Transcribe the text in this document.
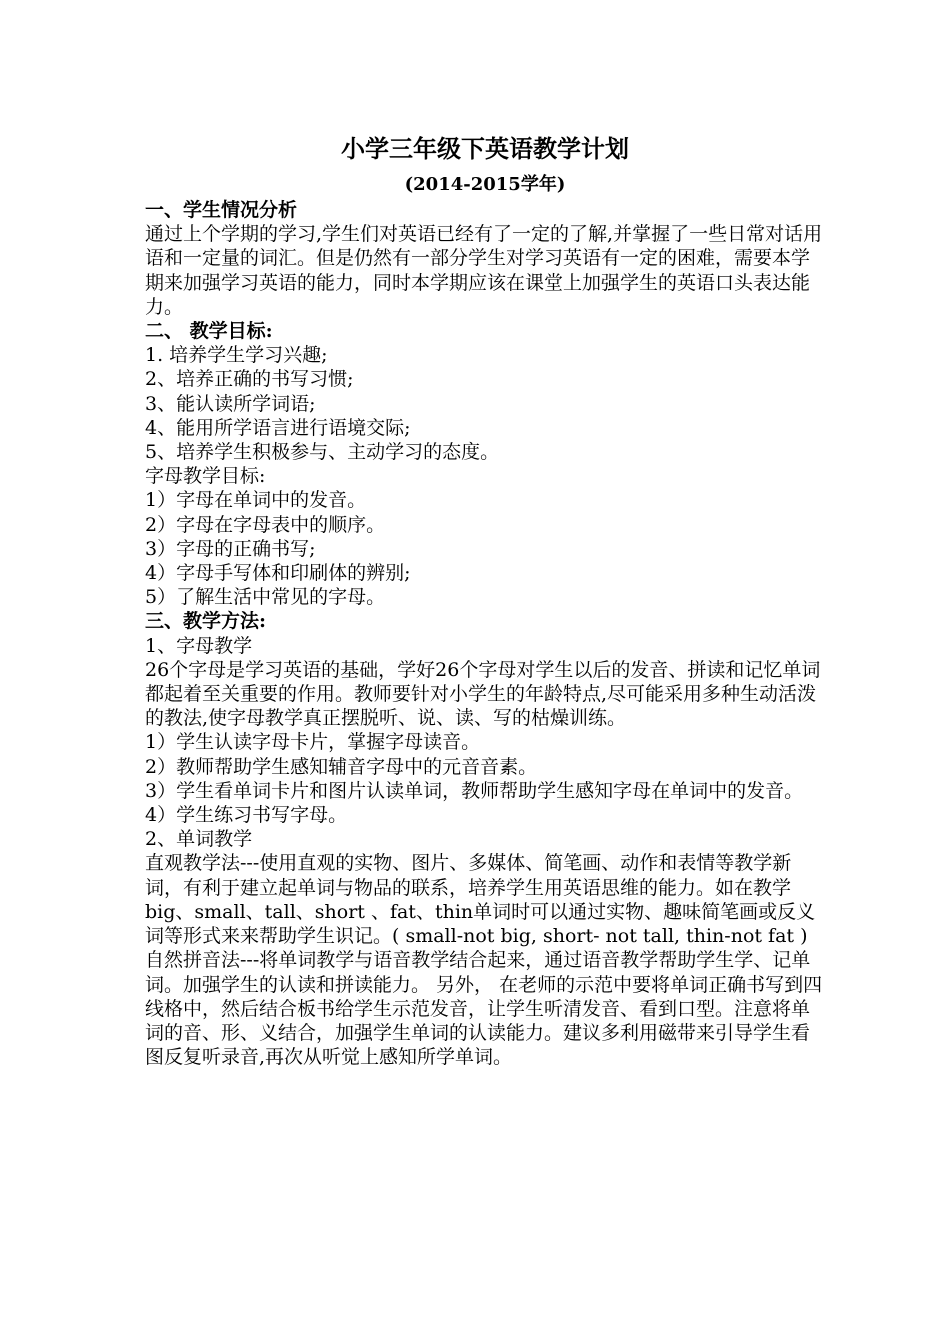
小学三年级下英语教学计划

(2014-2015学年)

一、学生情况分析

通过上个学期的学习,学生们对英语已经有了一定的了解,并掌握了一些日常对话用语和一定量的词汇。但是仍然有一部分学生对学习英语有一定的困难，需要本学期来加强学习英语的能力，同时本学期应该在课堂上加强学生的英语口头表达能力。

二、 教学目标:

1. 培养学生学习兴趣;

2、培养正确的书写习惯;

3、能认读所学词语;

4、能用所学语言进行语境交际;

5、培养学生积极参与、主动学习的态度。

字母教学目标:

1）字母在单词中的发音。

2）字母在字母表中的顺序。

3）字母的正确书写;

4）字母手写体和印刷体的辨别;

5）了解生活中常见的字母。

三、教学方法:

1、字母教学

26个字母是学习英语的基础，学好26个字母对学生以后的发音、拼读和记忆单词都起着至关重要的作用。教师要针对小学生的年龄特点,尽可能采用多种生动活泼的教法,使字母教学真正摆脱听、说、读、写的枯燥训练。

1）学生认读字母卡片，掌握字母读音。

2）教师帮助学生感知辅音字母中的元音音素。

3）学生看单词卡片和图片认读单词，教师帮助学生感知字母在单词中的发音。

4）学生练习书写字母。

2、单词教学

直观教学法---使用直观的实物、图片、多媒体、简笔画、动作和表情等教学新词，有利于建立起单词与物品的联系，培养学生用英语思维的能力。如在教学big、small、tall、short 、fat、thin单词时可以通过实物、趣味简笔画或反义词等形式来来帮助学生识记。( small-not big, short- not tall, thin-not fat )

自然拼音法---将单词教学与语音教学结合起来，通过语音教学帮助学生学、记单词。加强学生的认读和拼读能力。 另外， 在老师的示范中要将单词正确书写到四线格中，然后结合板书给学生示范发音，让学生听清发音、看到口型。注意将单词的音、形、义结合，加强学生单词的认读能力。建议多利用磁带来引导学生看图反复听录音,再次从听觉上感知所学单词。
